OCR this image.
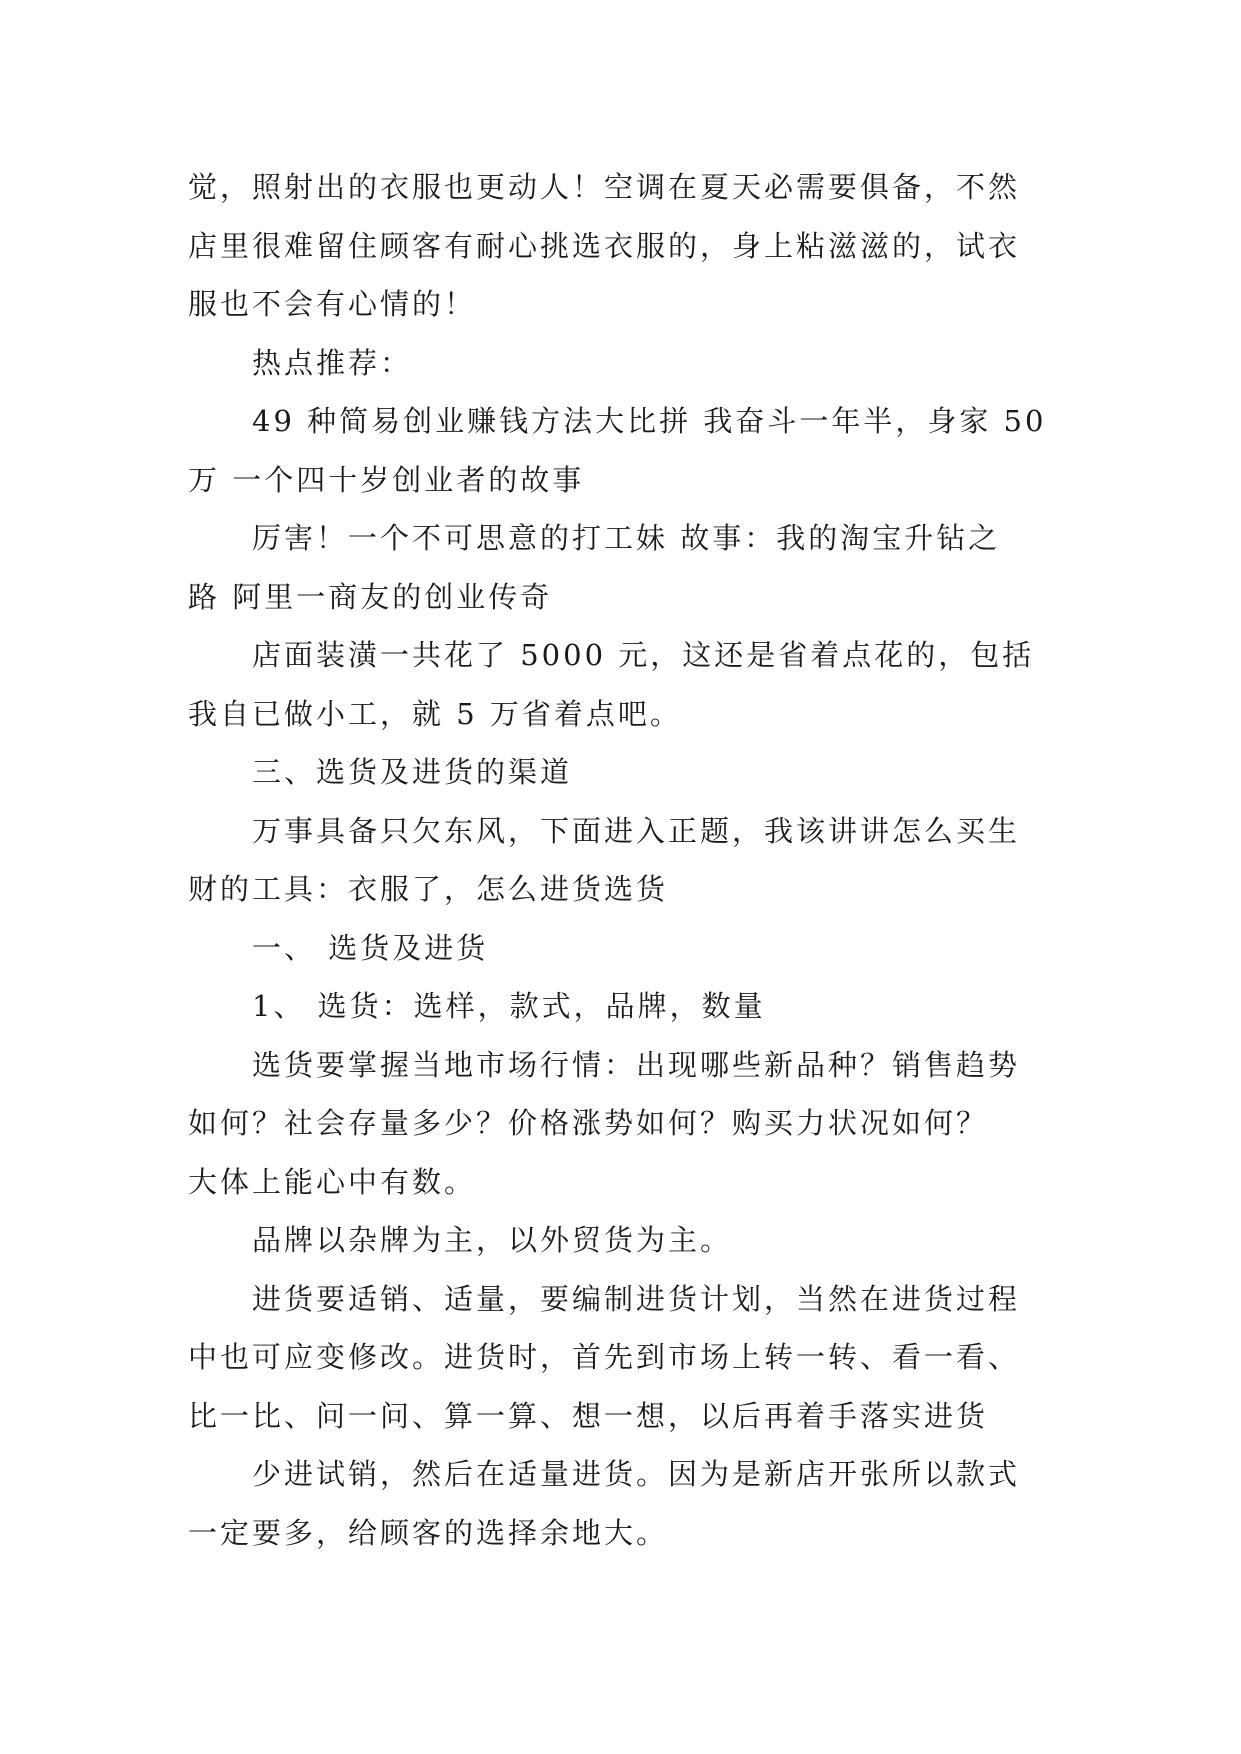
觉，照射出的衣服也更动人！空调在夏天必需要俱备，不然
店里很难留住顾客有耐心挑选衣服的，身上粘滋滋的，试衣
服也不会有心情的！

热点推荐：

49 种简易创业赚钱方法大比拼 我奋斗一年半，身家 50
万 一个四十岁创业者的故事

厉害！一个不可思意的打工妹 故事：我的淘宝升钻之
路 阿里一商友的创业传奇

店面装潢一共花了 5000 元，这还是省着点花的，包括
我自已做小工，就 5 万省着点吧。

三、选货及进货的渠道

万事具备只欠东风，下面进入正题，我该讲讲怎么买生
财的工具：衣服了，怎么进货选货

一、 选货及进货

1、 选货：选样，款式，品牌，数量

选货要掌握当地市场行情：出现哪些新品种？销售趋势
如何？社会存量多少？价格涨势如何？购买力状况如何？
大体上能心中有数。

品牌以杂牌为主，以外贸货为主。

进货要适销、适量，要编制进货计划，当然在进货过程
中也可应变修改。进货时，首先到市场上转一转、看一看、
比一比、问一问、算一算、想一想，以后再着手落实进货

少进试销，然后在适量进货。因为是新店开张所以款式
一定要多，给顾客的选择余地大。
